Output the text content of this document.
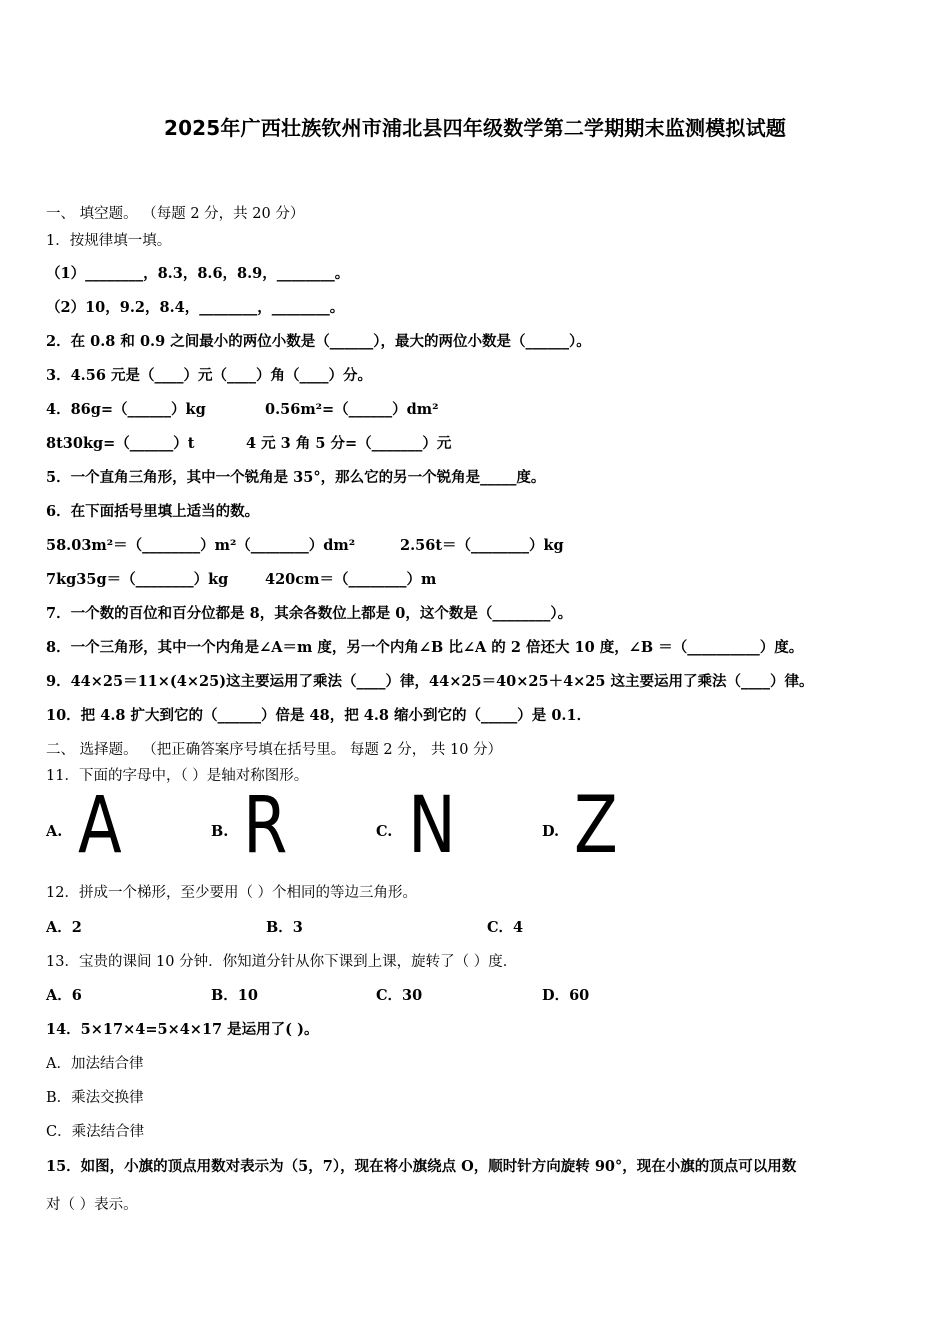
2025年广西壮族钦州市浦北县四年级数学第二学期期末监测模拟试题
一、 填空题。 （每题 2 分，共 20 分）
1．按规律填一填。
（1）________，8.3，8.6，8.9，________。
（2）10，9.2，8.4，________，________。
2．在 0.8 和 0.9 之间最小的两位小数是（______），最大的两位小数是（______）。
3．4.56 元是（____）元（____）角（____）分。
4．86g=（______）kg	0.56m²=（______）dm²
8t30kg=（______）t	4 元 3 角 5 分=（_______）元
5．一个直角三角形，其中一个锐角是 35°，那么它的另一个锐角是_____度。
6．在下面括号里填上适当的数。
58.03m²＝（________）m²（________）dm²	2.56t＝（________）kg
7kg35g＝（________）kg	420cm＝（________）m
7．一个数的百位和百分位都是 8，其余各数位上都是 0，这个数是（________）。
8．一个三角形，其中一个内角是∠A＝m 度，另一个内角∠B 比∠A 的 2 倍还大 10 度，∠B ＝（__________）度。
9．44×25＝11×(4×25)这主要运用了乘法（____）律，44×25＝40×25＋4×25 这主要运用了乘法（____）律。
10．把 4.8 扩大到它的（______）倍是 48，把 4.8 缩小到它的（_____）是 0.1．
二、 选择题。 （把正确答案序号填在括号里。 每题 2 分， 共 10 分）
11．下面的字母中，（ ）是轴对称图形。
A. A	B. R	C. N	D. Z
12．拼成一个梯形，至少要用（ ）个相同的等边三角形。
A．2	B．3	C．4
13．宝贵的课间 10 分钟．你知道分针从你下课到上课，旋转了（ ）度．
A．6	B．10	C．30	D．60
14．5×17×4=5×4×17 是运用了( )。
A．加法结合律
B．乘法交换律
C．乘法结合律
15．如图，小旗的顶点用数对表示为（5，7），现在将小旗绕点 O，顺时针方向旋转 90°，现在小旗的顶点可以用数
对（ ）表示。
